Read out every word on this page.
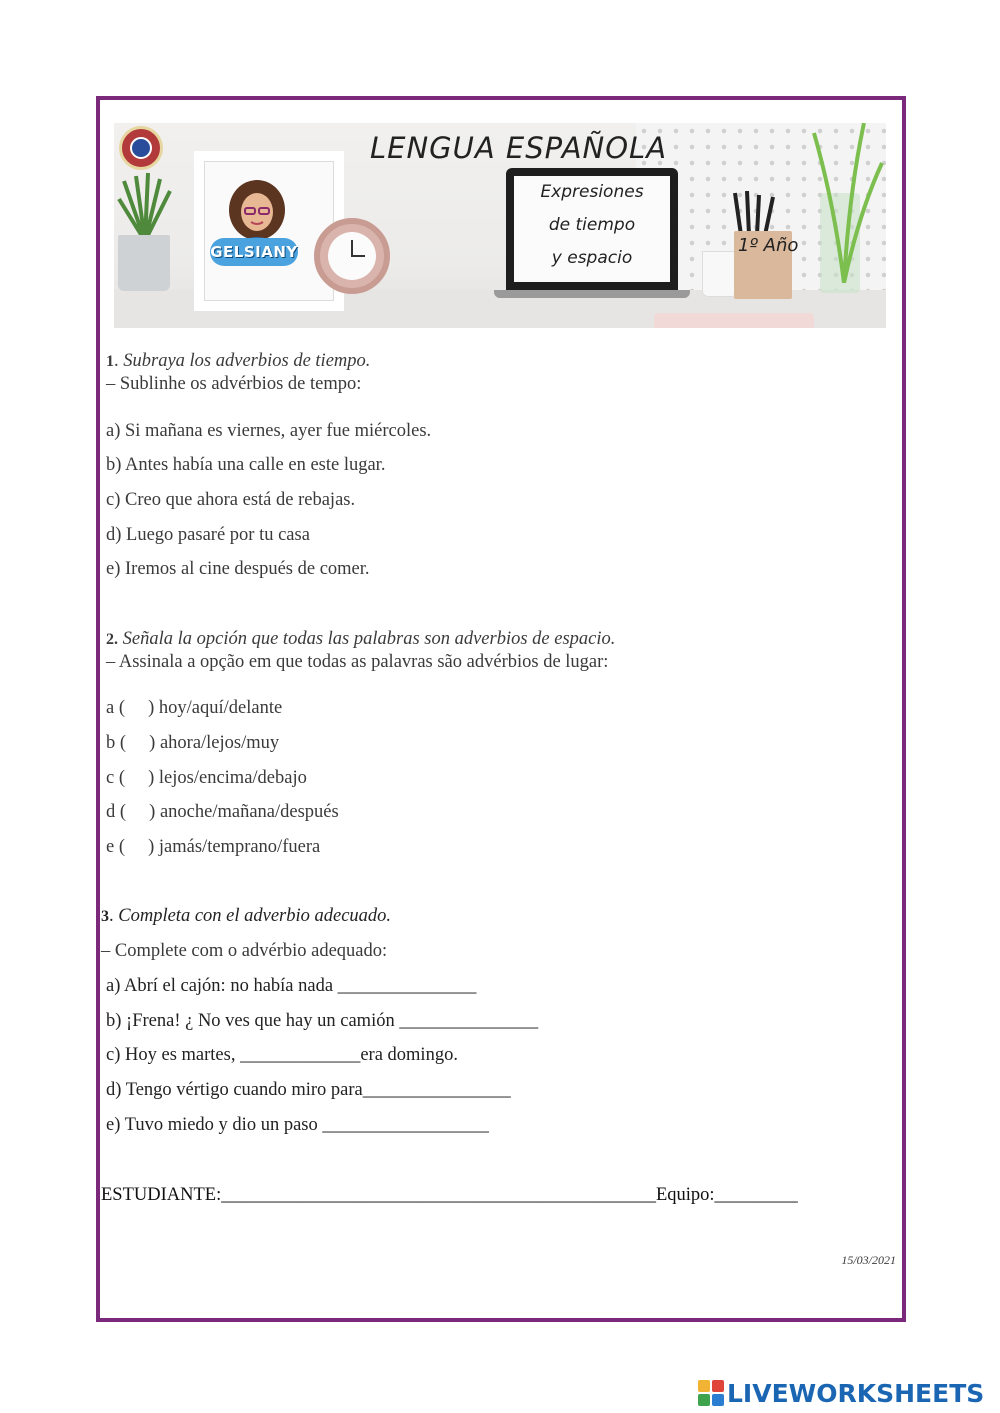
GELSIANY
LENGUA ESPAÑOLA
Expresiones
de tiempo
y espacio
1º Año
1. Subraya los adverbios de tiempo.
– Sublinhe os advérbios de tempo:
a) Si mañana es viernes, ayer fue miércoles.
b) Antes había una calle en este lugar.
c) Creo que ahora está de rebajas.
d) Luego pasaré por tu casa
e) Iremos al cine después de comer.
2. Señala la opción que todas las palabras son adverbios de espacio.
– Assinala a opção em que todas as palavras são advérbios de lugar:
a (     ) hoy/aquí/delante
b (     ) ahora/lejos/muy
c (     ) lejos/encima/debajo
d (     ) anoche/mañana/después
e (     ) jamás/temprano/fuera
3. Completa con el adverbio adecuado.
– Complete com o advérbio adequado:
a) Abrí el cajón: no había nada _______________
b) ¡Frena! ¿ No ves que hay un camión _______________
c) Hoy es martes, _____________era domingo.
d) Tengo vértigo cuando miro para________________
e) Tuvo miedo y dio un paso __________________
ESTUDIANTE:_______________________________________________Equipo:_________
15/03/2021
LIVEWORKSHEETS
